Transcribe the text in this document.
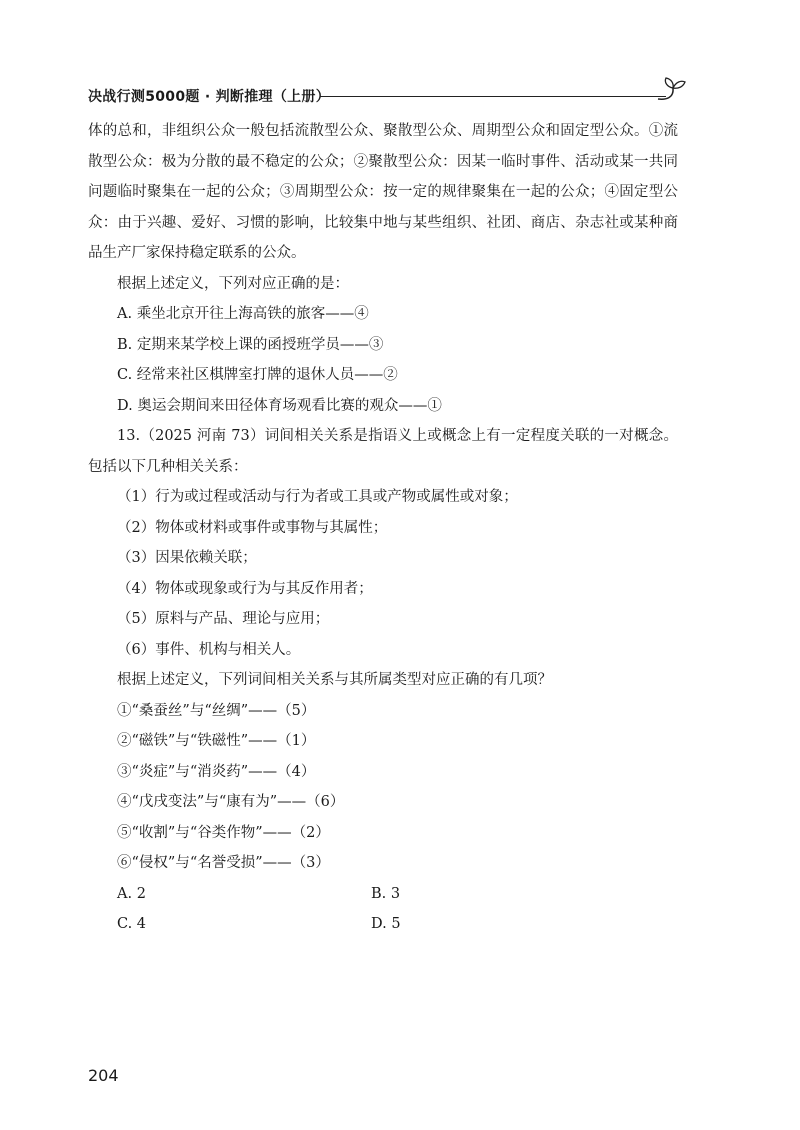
决战行测5000题 · 判断推理（上册）

体的总和，非组织公众一般包括流散型公众、聚散型公众、周期型公众和固定型公众。①流散型公众：极为分散的最不稳定的公众；②聚散型公众：因某一临时事件、活动或某一共同问题临时聚集在一起的公众；③周期型公众：按一定的规律聚集在一起的公众；④固定型公众：由于兴趣、爱好、习惯的影响，比较集中地与某些组织、社团、商店、杂志社或某种商品生产厂家保持稳定联系的公众。

根据上述定义，下列对应正确的是：

A. 乘坐北京开往上海高铁的旅客——④

B. 定期来某学校上课的函授班学员——③

C. 经常来社区棋牌室打牌的退休人员——②

D. 奥运会期间来田径体育场观看比赛的观众——①

13.（2025 河南 73）词间相关关系是指语义上或概念上有一定程度关联的一对概念。包括以下几种相关关系：

（1）行为或过程或活动与行为者或工具或产物或属性或对象；

（2）物体或材料或事件或事物与其属性；

（3）因果依赖关联；

（4）物体或现象或行为与其反作用者；

（5）原料与产品、理论与应用；

（6）事件、机构与相关人。

根据上述定义，下列词间相关关系与其所属类型对应正确的有几项？

①“桑蚕丝”与“丝绸”——（5）

②“磁铁”与“铁磁性”——（1）

③“炎症”与“消炎药”——（4）

④“戊戌变法”与“康有为”——（6）

⑤“收割”与“谷类作物”——（2）

⑥“侵权”与“名誉受损”——（3）

A. 2	B. 3
C. 4	D. 5
204
